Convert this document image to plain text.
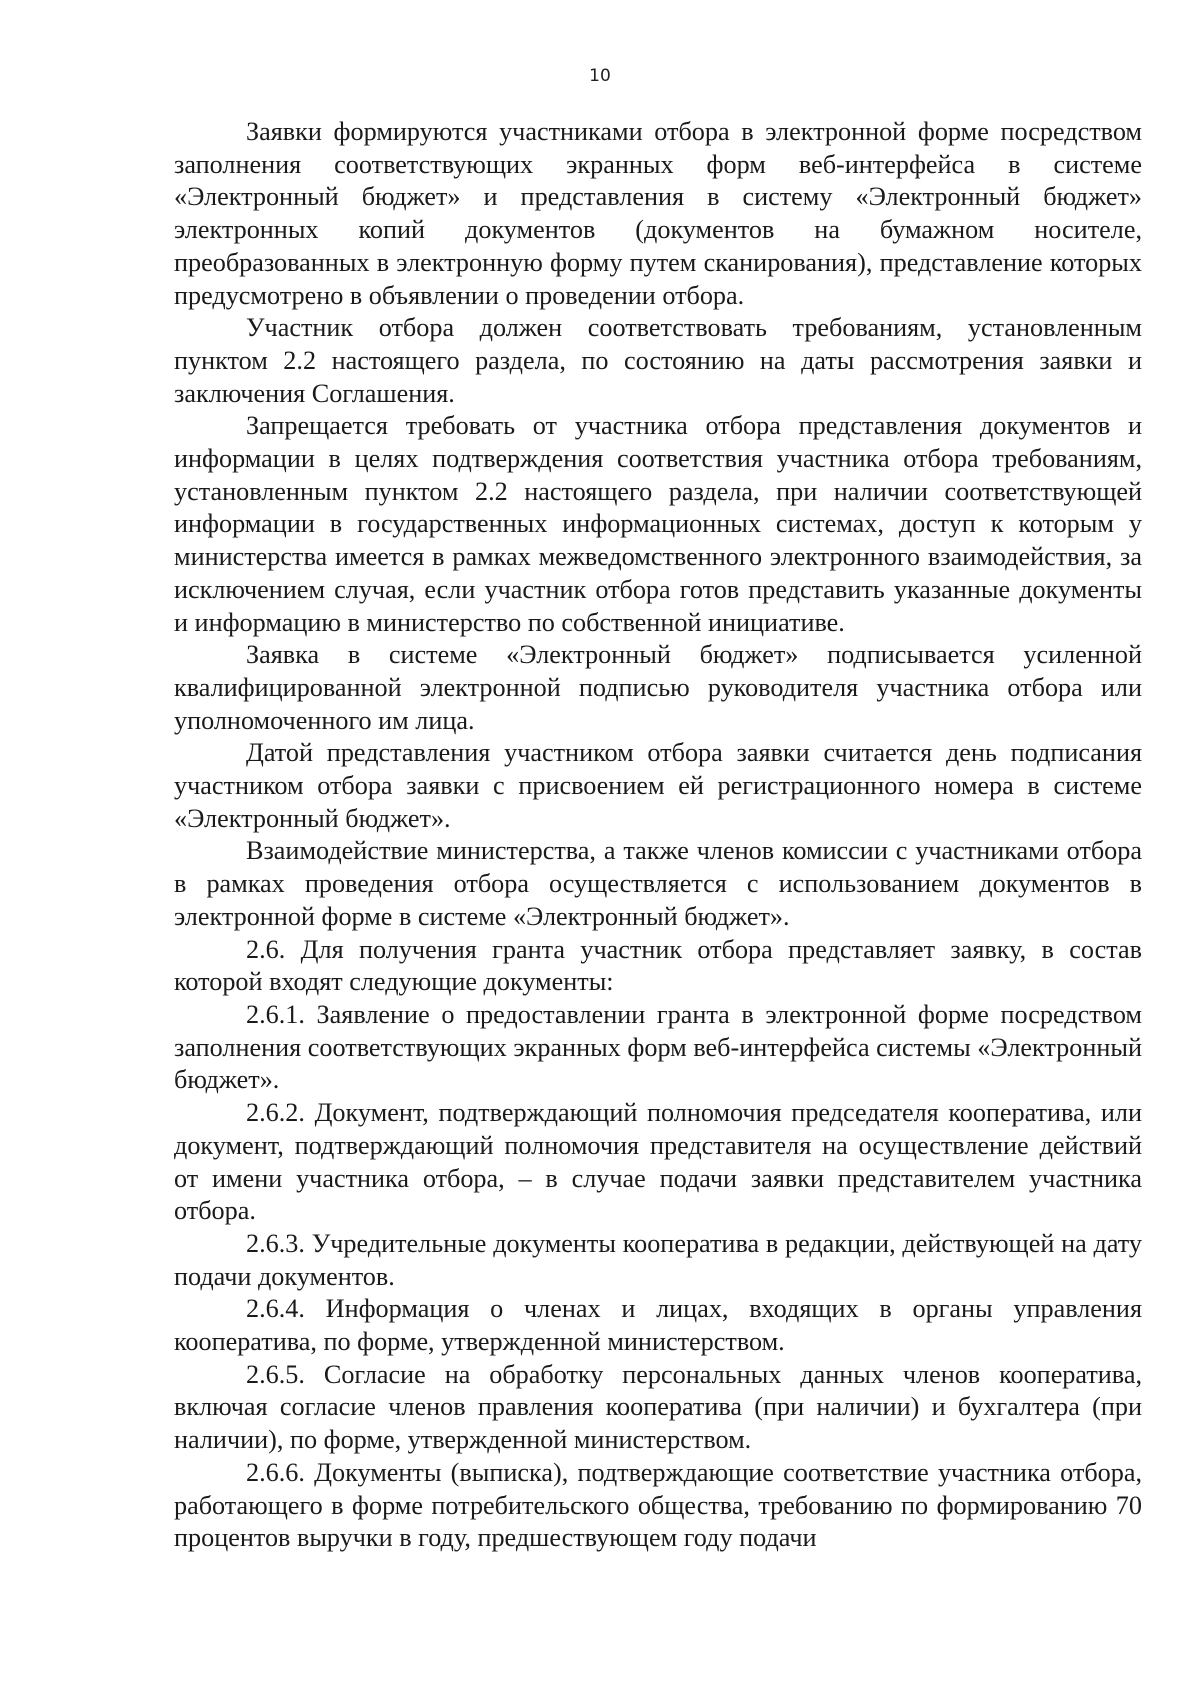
10

Заявки формируются участниками отбора в электронной форме посредством заполнения соответствующих экранных форм веб-интерфейса в системе «Электронный бюджет» и представления в систему «Электронный бюджет» электронных копий документов (документов на бумажном носителе, преобразованных в электронную форму путем сканирования), представление которых предусмотрено в объявлении о проведении отбора.

Участник отбора должен соответствовать требованиям, установленным пунктом 2.2 настоящего раздела, по состоянию на даты рассмотрения заявки и заключения Соглашения.

Запрещается требовать от участника отбора представления документов и информации в целях подтверждения соответствия участника отбора требованиям, установленным пунктом 2.2 настоящего раздела, при наличии соответствующей информации в государственных информационных системах, доступ к которым у министерства имеется в рамках межведомственного электронного взаимодействия, за исключением случая, если участник отбора готов представить указанные документы и информацию в министерство по собственной инициативе.

Заявка в системе «Электронный бюджет» подписывается усиленной квалифицированной электронной подписью руководителя участника отбора или уполномоченного им лица.

Датой представления участником отбора заявки считается день подписания участником отбора заявки с присвоением ей регистрационного номера в системе «Электронный бюджет».

Взаимодействие министерства, а также членов комиссии с участниками отбора в рамках проведения отбора осуществляется с использованием документов в электронной форме в системе «Электронный бюджет».

2.6. Для получения гранта участник отбора представляет заявку, в состав которой входят следующие документы:

2.6.1. Заявление о предоставлении гранта в электронной форме посредством заполнения соответствующих экранных форм веб-интерфейса системы «Электронный бюджет».

2.6.2. Документ, подтверждающий полномочия председателя кооператива, или документ, подтверждающий полномочия представителя на осуществление действий от имени участника отбора, – в случае подачи заявки представителем участника отбора.

2.6.3. Учредительные документы кооператива в редакции, действующей на дату подачи документов.

2.6.4. Информация о членах и лицах, входящих в органы управления кооператива, по форме, утвержденной министерством.

2.6.5. Согласие на обработку персональных данных членов кооператива, включая согласие членов правления кооператива (при наличии) и бухгалтера (при наличии), по форме, утвержденной министерством.

2.6.6. Документы (выписка), подтверждающие соответствие участника отбора, работающего в форме потребительского общества, требованию по формированию 70 процентов выручки в году, предшествующем году подачи
